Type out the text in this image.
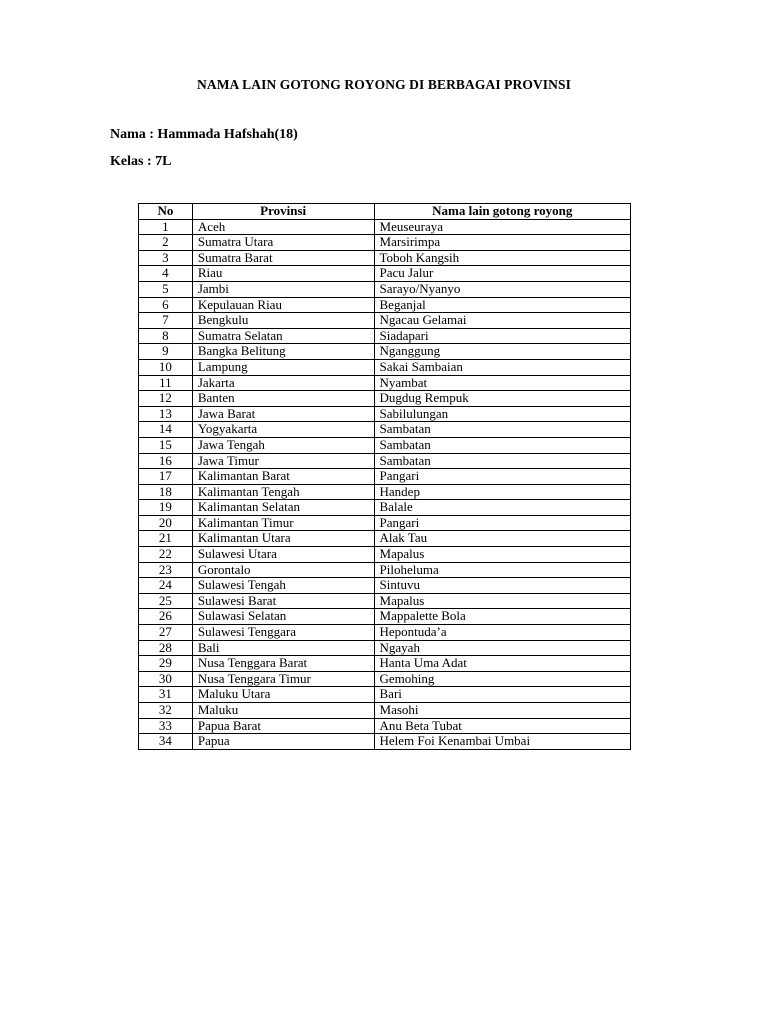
NAMA LAIN GOTONG ROYONG DI BERBAGAI PROVINSI
Nama : Hammada Hafshah(18)
Kelas : 7L
No	Provinsi	Nama lain gotong royong
1	Aceh	Meuseuraya
2	Sumatra Utara	Marsirimpa
3	Sumatra Barat	Toboh Kangsih
4	Riau	Pacu Jalur
5	Jambi	Sarayo/Nyanyo
6	Kepulauan Riau	Beganjal
7	Bengkulu	Ngacau Gelamai
8	Sumatra Selatan	Siadapari
9	Bangka Belitung	Nganggung
10	Lampung	Sakai Sambaian
11	Jakarta	Nyambat
12	Banten	Dugdug Rempuk
13	Jawa Barat	Sabilulungan
14	Yogyakarta	Sambatan
15	Jawa Tengah	Sambatan
16	Jawa Timur	Sambatan
17	Kalimantan Barat	Pangari
18	Kalimantan Tengah	Handep
19	Kalimantan Selatan	Balale
20	Kalimantan Timur	Pangari
21	Kalimantan Utara	Alak Tau
22	Sulawesi Utara	Mapalus
23	Gorontalo	Piloheluma
24	Sulawesi Tengah	Sintuvu
25	Sulawesi Barat	Mapalus
26	Sulawasi Selatan	Mappalette Bola
27	Sulawesi Tenggara	Hepontuda’a
28	Bali	Ngayah
29	Nusa Tenggara Barat	Hanta Uma Adat
30	Nusa Tenggara Timur	Gemohing
31	Maluku Utara	Bari
32	Maluku	Masohi
33	Papua Barat	Anu Beta Tubat
34	Papua	Helem Foi Kenambai Umbai
